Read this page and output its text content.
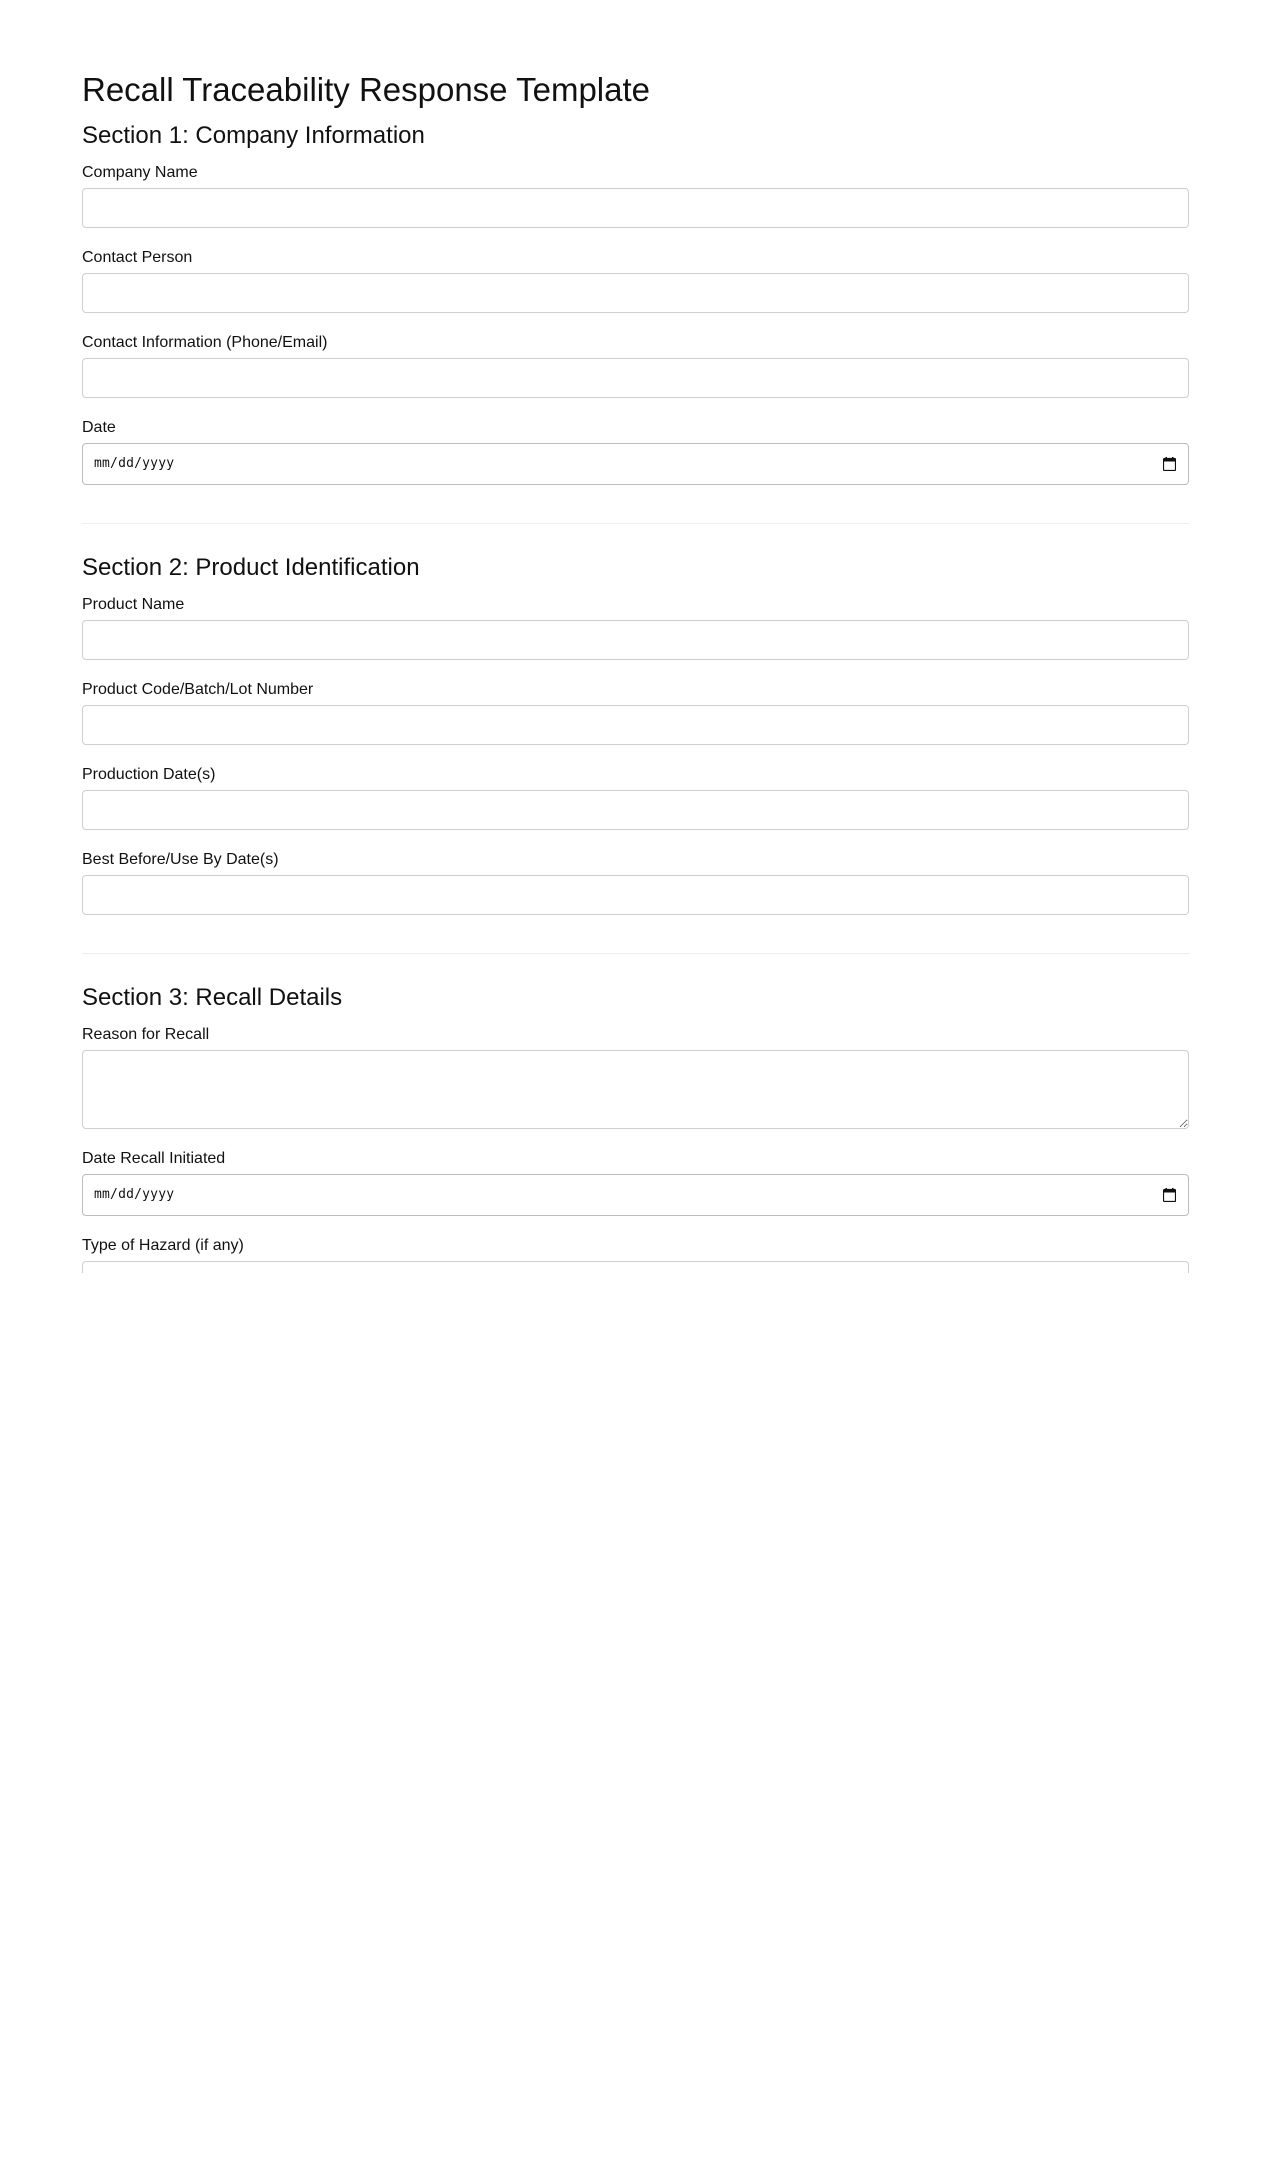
Recall Traceability Response Template
Section 1: Company Information
Company Name
Contact Person
Contact Information (Phone/Email)
Date
mm/dd/yyyy
Section 2: Product Identification
Product Name
Product Code/Batch/Lot Number
Production Date(s)
Best Before/Use By Date(s)
Section 3: Recall Details
Reason for Recall
Date Recall Initiated
mm/dd/yyyy
Type of Hazard (if any)
